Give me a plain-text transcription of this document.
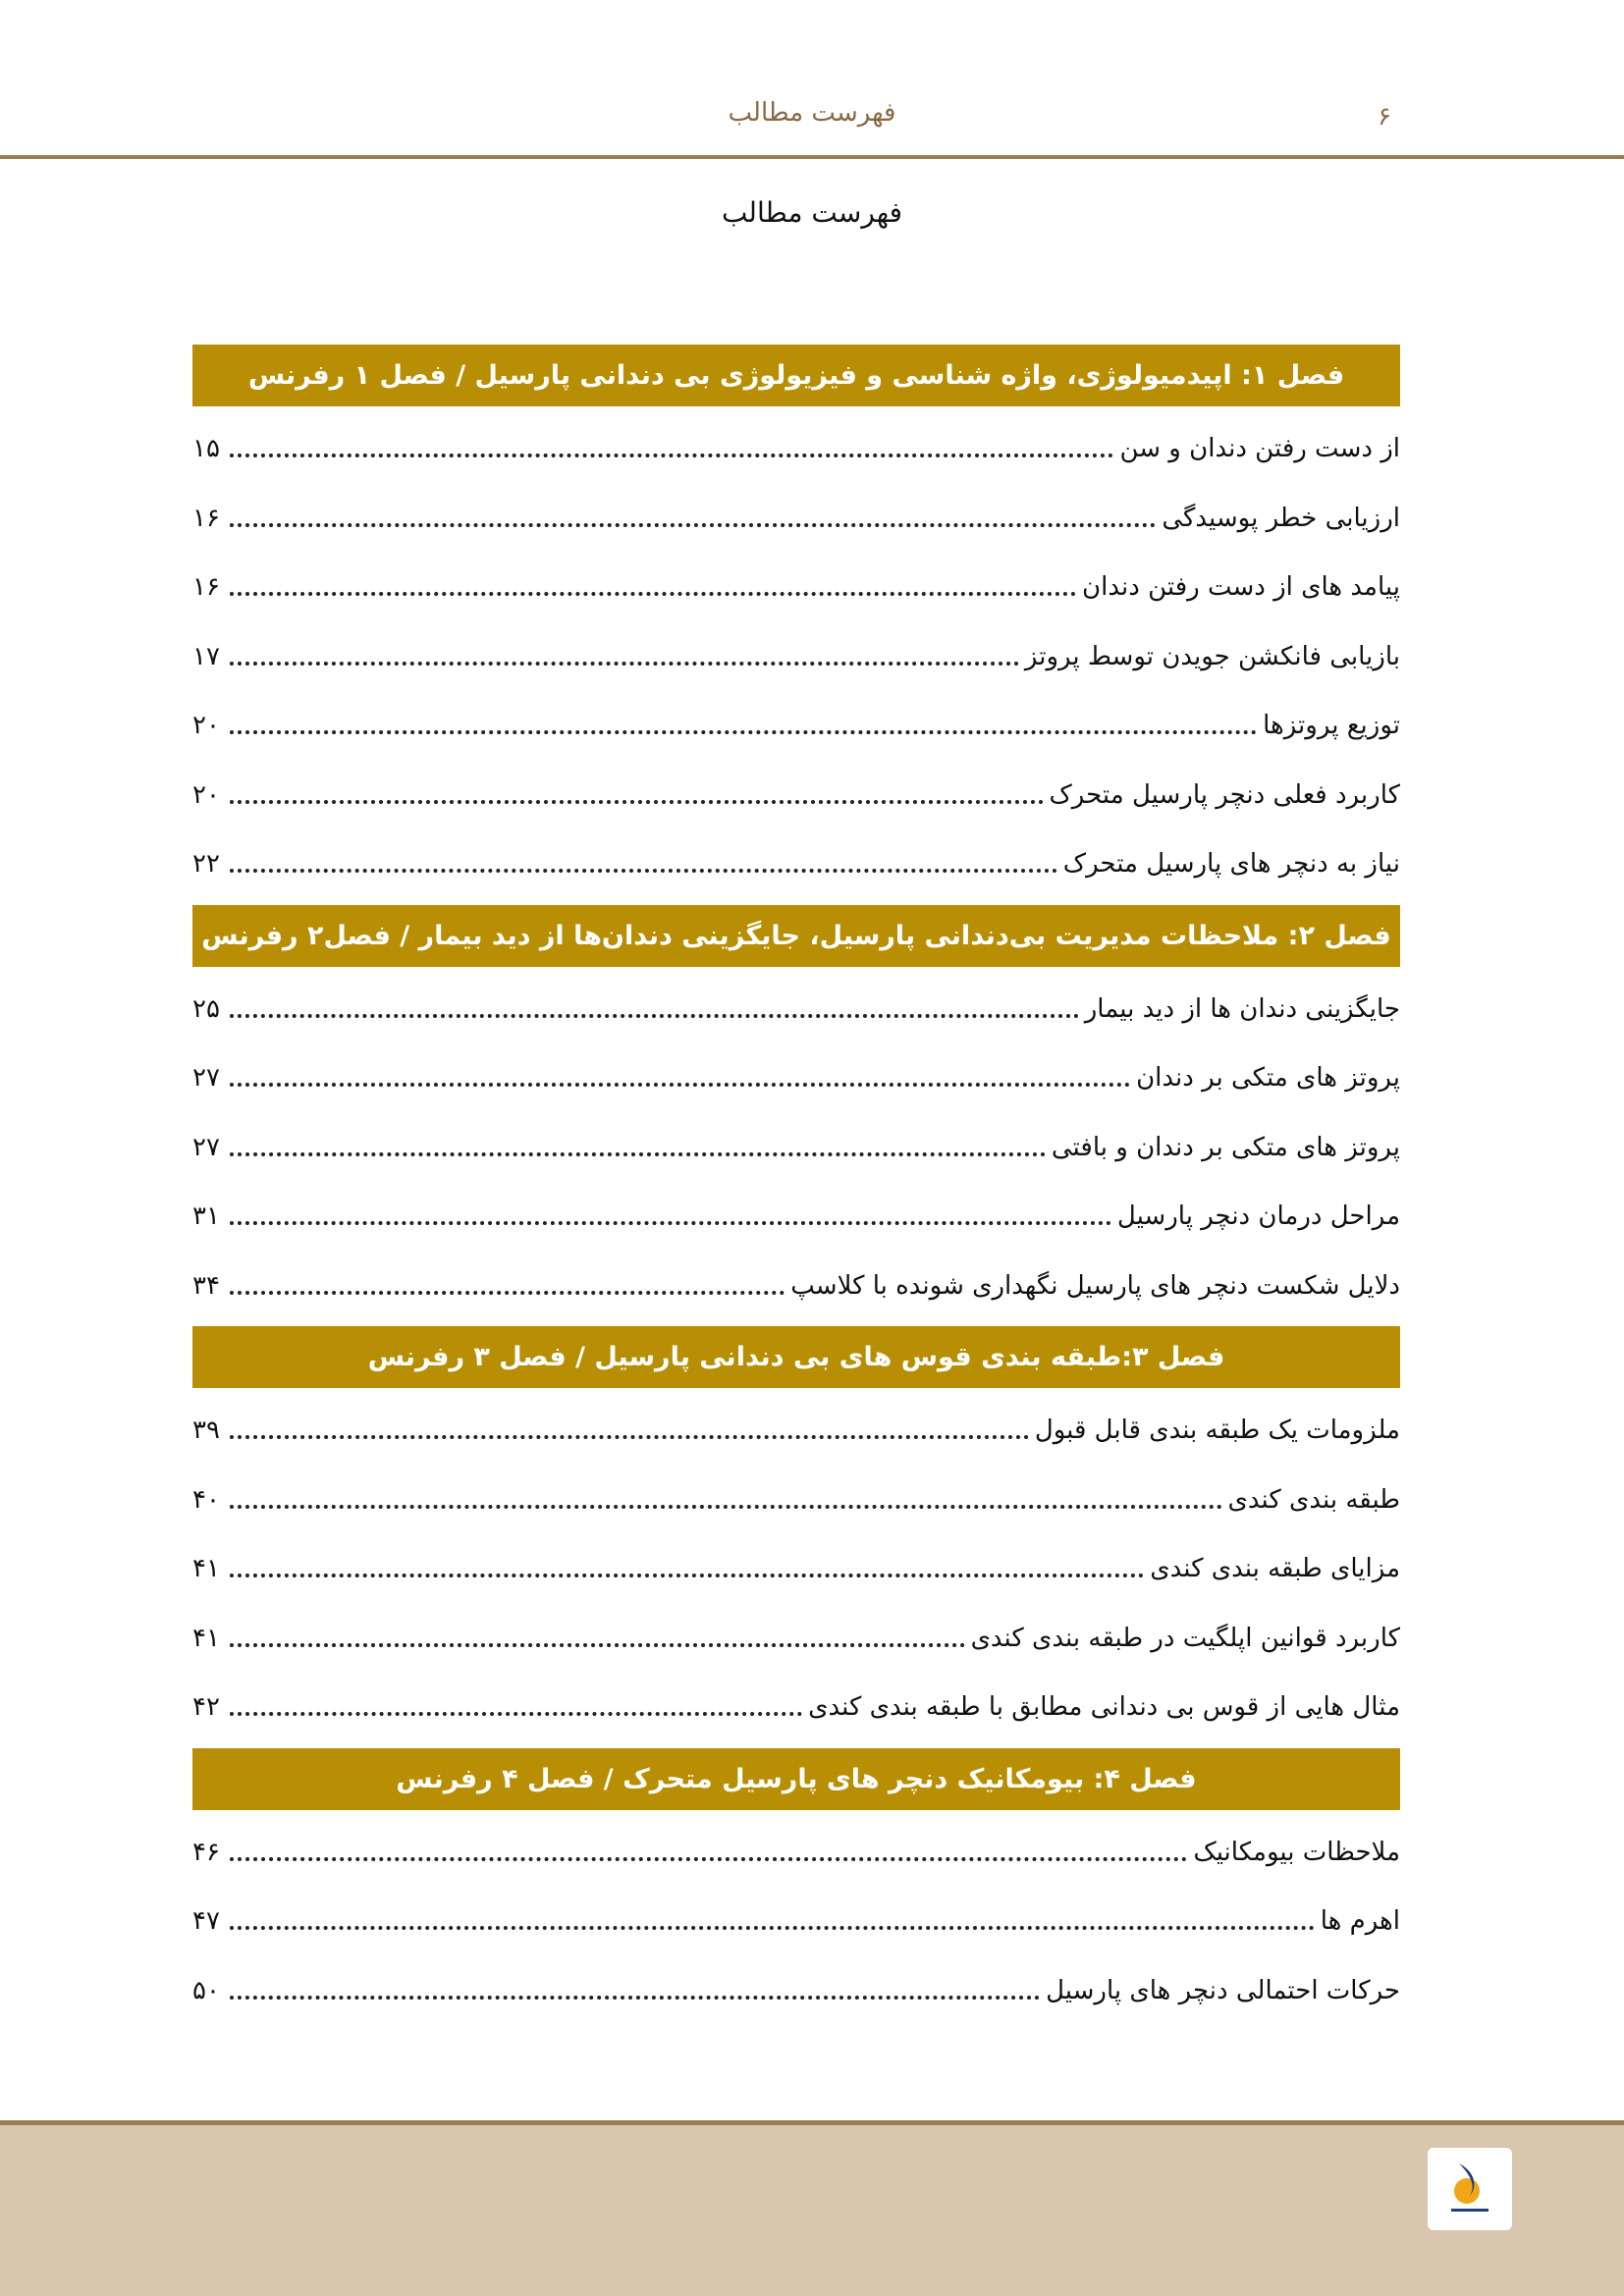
۶
فهرست مطالب
فهرست مطالب
فصل ۱: اپیدمیولوژی، واژه شناسی و فیزیولوژی بی دندانی پارسیل / فصل ۱ رفرنس
از دست رفتن دندان و سن
۱۵
ارزیابی خطر پوسیدگی
۱۶
پیامد های از دست رفتن دندان
۱۶
بازیابی فانکشن جویدن توسط پروتز
۱۷
توزیع پروتزها
۲۰
کاربرد فعلی دنچر پارسیل متحرک
۲۰
نیاز به دنچر های پارسیل متحرک
۲۲
فصل ۲: ملاحظات مدیریت بی‌دندانی پارسیل، جایگزینی دندان‌ها از دید بیمار / فصل۲ رفرنس
جایگزینی دندان ها از دید بیمار
۲۵
پروتز های متکی بر دندان
۲۷
پروتز های متکی بر دندان و بافتی
۲۷
مراحل درمان دنچر پارسیل
۳۱
دلایل شکست دنچر های پارسیل نگهداری شونده با کلاسپ
۳۴
فصل ۳:طبقه بندی قوس های بی دندانی پارسیل / فصل ۳ رفرنس
ملزومات یک طبقه بندی قابل قبول
۳۹
طبقه بندی کندی
۴۰
مزایای طبقه بندی کندی
۴۱
کاربرد قوانین اپلگیت در طبقه بندی کندی
۴۱
مثال هایی از قوس بی دندانی مطابق با طبقه بندی کندی
۴۲
فصل ۴: بیومکانیک دنچر های پارسیل متحرک / فصل ۴ رفرنس
ملاحظات بیومکانیک
۴۶
اهرم ها
۴۷
حرکات احتمالی دنچر های پارسیل
۵۰
